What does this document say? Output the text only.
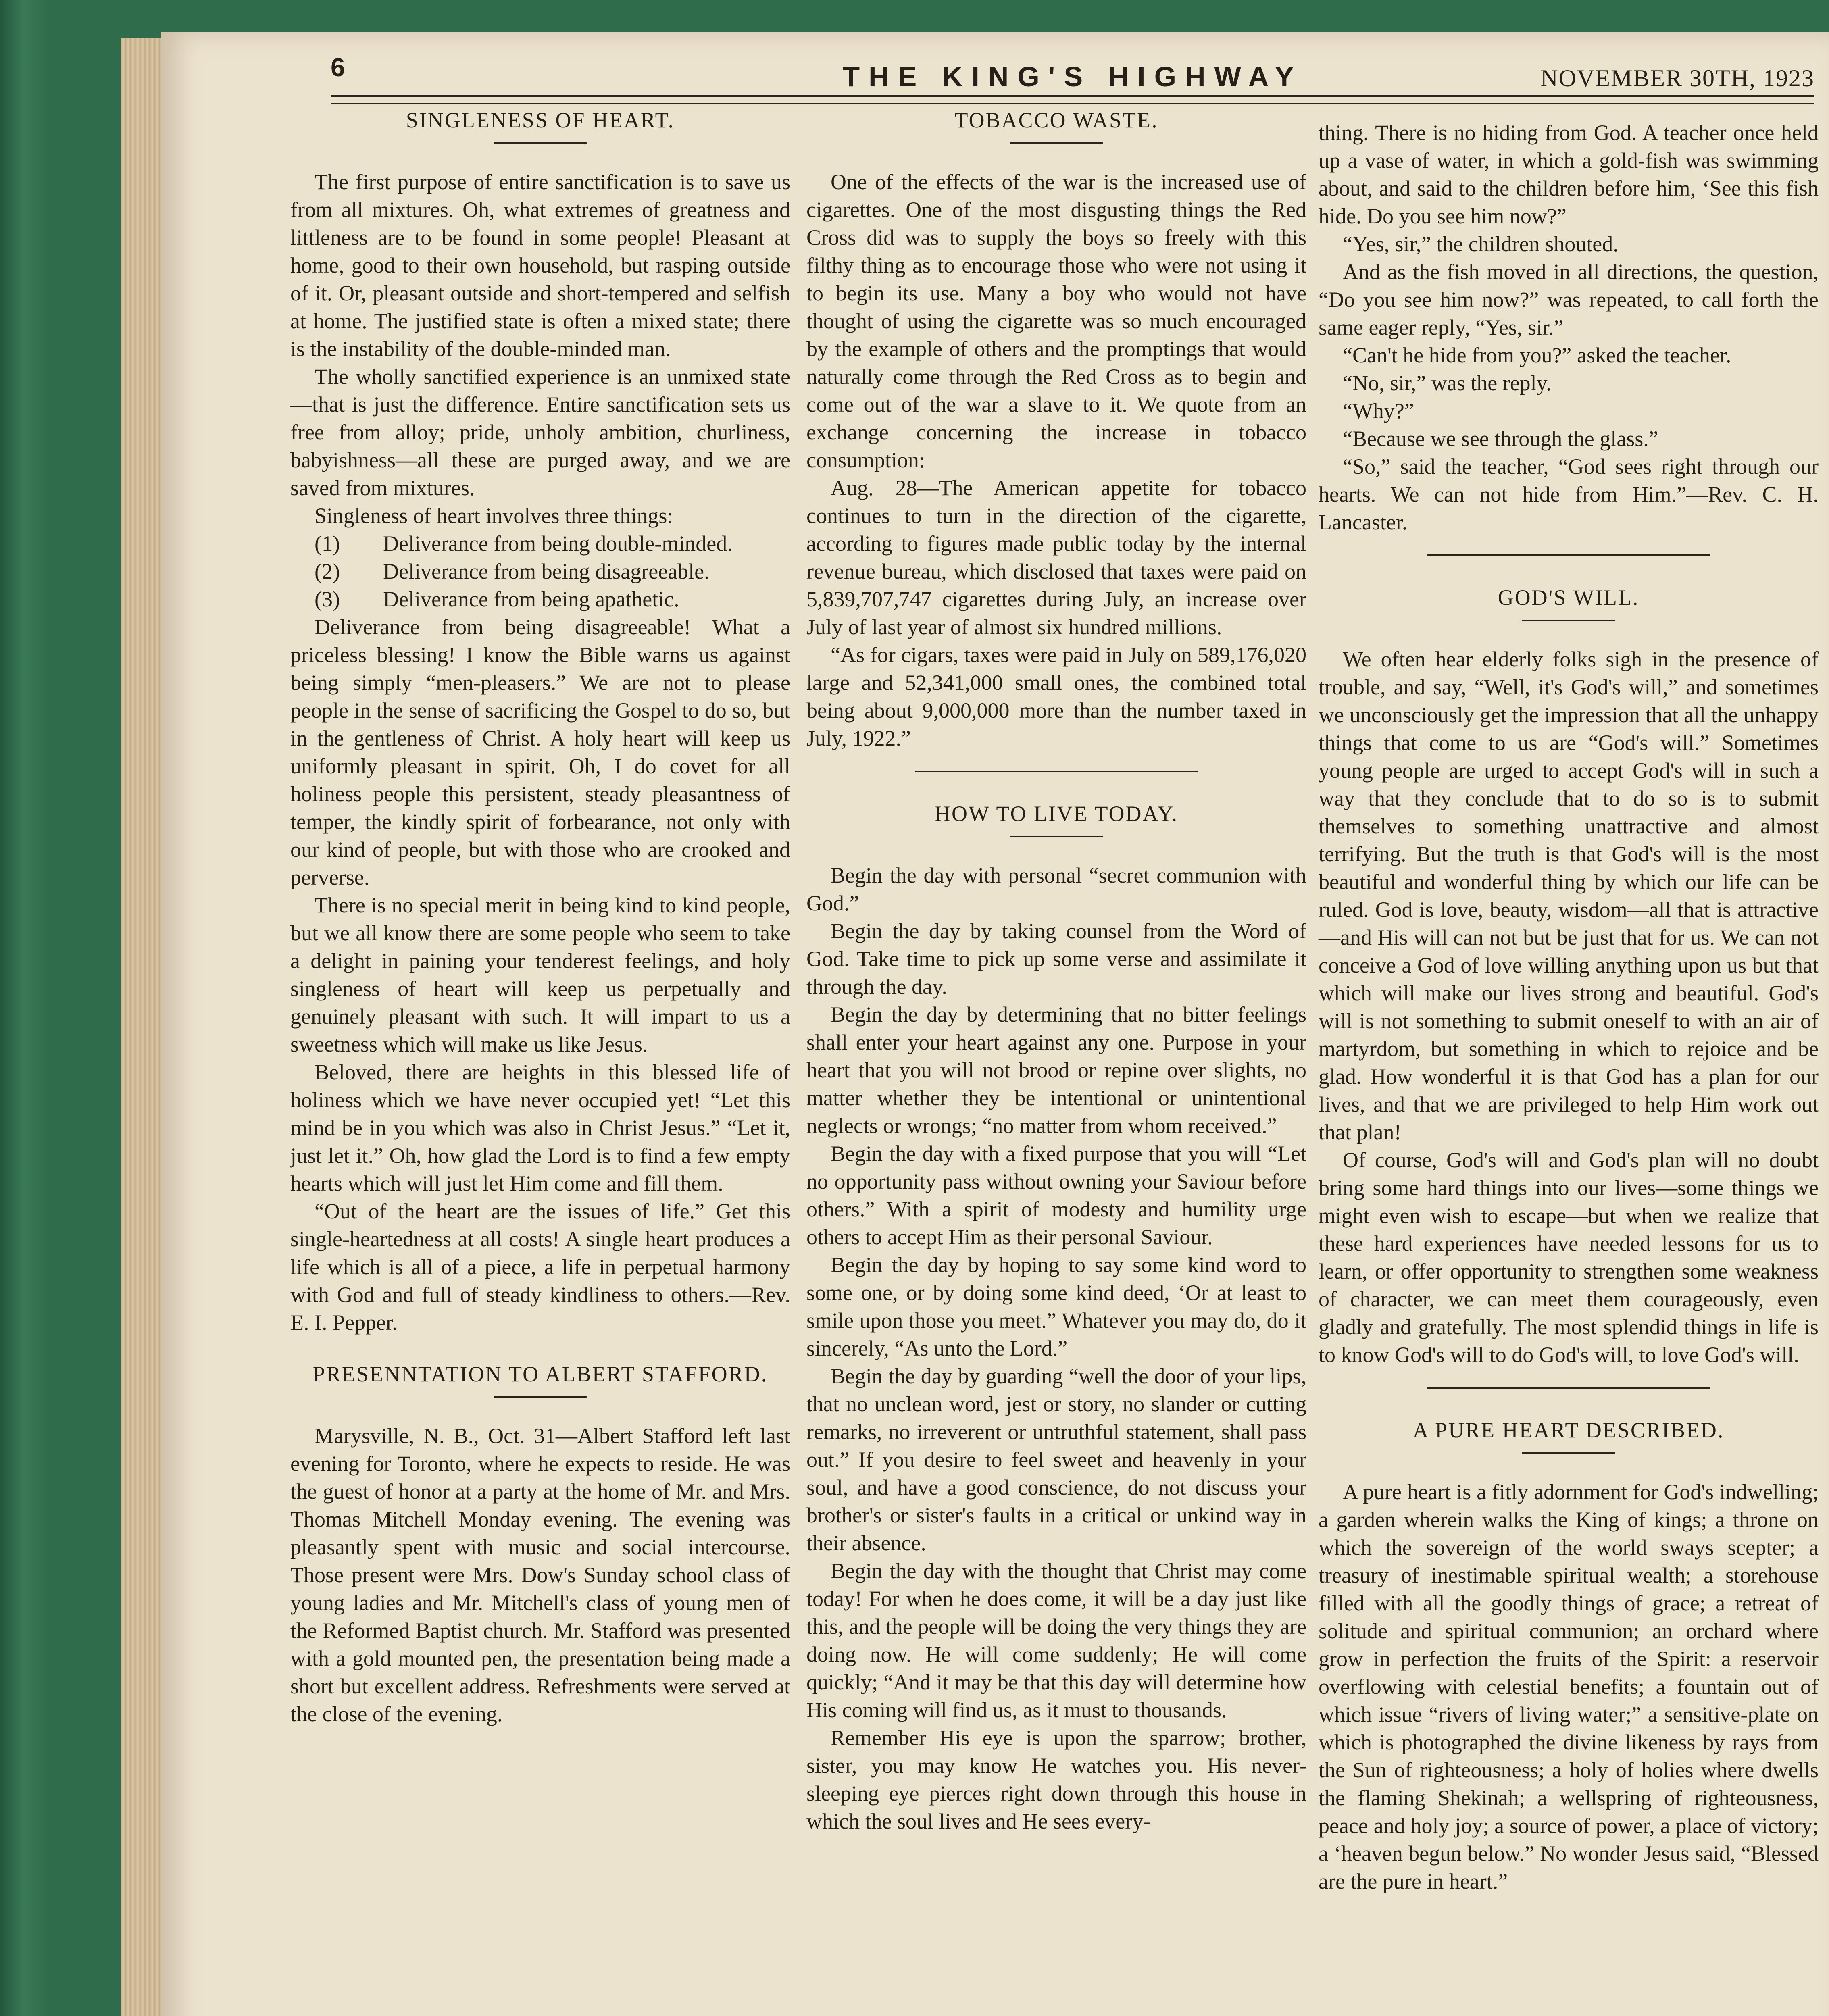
6	THE KING'S HIGHWAY	NOVEMBER 30TH, 1923
SINGLENESS OF HEART.

The first purpose of entire sanctification is to save us from all mixtures. Oh, what extremes of greatness and littleness are to be found in some people! Pleasant at home, good to their own household, but rasping outside of it. Or, pleasant outside and short-tempered and selfish at home. The justified state is often a mixed state; there is the instability of the double-minded man.

The wholly sanctified experience is an unmixed state—that is just the difference. Entire sanctification sets us free from alloy; pride, unholy ambition, churliness, babyishness—all these are purged away, and we are saved from mixtures.

Singleness of heart involves three things:

(1)	Deliverance from being double-minded.
(2)	Deliverance from being disagreeable.
(3)	Deliverance from being apathetic.

Deliverance from being disagreeable! What a priceless blessing! I know the Bible warns us against being simply “men-pleasers.” We are not to please people in the sense of sacrificing the Gospel to do so, but in the gentleness of Christ. A holy heart will keep us uniformly pleasant in spirit. Oh, I do covet for all holiness people this persistent, steady pleasantness of temper, the kindly spirit of forbearance, not only with our kind of people, but with those who are crooked and perverse.

There is no special merit in being kind to kind people, but we all know there are some people who seem to take a delight in paining your tenderest feelings, and holy singleness of heart will keep us perpetually and genuinely pleasant with such. It will impart to us a sweetness which will make us like Jesus.

Beloved, there are heights in this blessed life of holiness which we have never occupied yet! “Let this mind be in you which was also in Christ Jesus.” “Let it, just let it.” Oh, how glad the Lord is to find a few empty hearts which will just let Him come and fill them.

“Out of the heart are the issues of life.” Get this single-heartedness at all costs! A single heart produces a life which is all of a piece, a life in perpetual harmony with God and full of steady kindliness to others.—Rev. E. I. Pepper.

PRESENNTATION TO ALBERT STAFFORD.

Marysville, N. B., Oct. 31—Albert Stafford left last evening for Toronto, where he expects to reside. He was the guest of honor at a party at the home of Mr. and Mrs. Thomas Mitchell Monday evening. The evening was pleasantly spent with music and social intercourse. Those present were Mrs. Dow's Sunday school class of young ladies and Mr. Mitchell's class of young men of the Reformed Baptist church. Mr. Stafford was presented with a gold mounted pen, the presentation being made a short but excellent address. Refreshments were served at the close of the evening.

TOBACCO WASTE.

One of the effects of the war is the increased use of cigarettes. One of the most disgusting things the Red Cross did was to supply the boys so freely with this filthy thing as to encourage those who were not using it to begin its use. Many a boy who would not have thought of using the cigarette was so much encouraged by the example of others and the promptings that would naturally come through the Red Cross as to begin and come out of the war a slave to it. We quote from an exchange concerning the increase in tobacco consumption:

Aug. 28—The American appetite for tobacco continues to turn in the direction of the cigarette, according to figures made public today by the internal revenue bureau, which disclosed that taxes were paid on 5,839,707,747 cigarettes during July, an increase over July of last year of almost six hundred millions.

“As for cigars, taxes were paid in July on 589,176,020 large and 52,341,000 small ones, the combined total being about 9,000,000 more than the number taxed in July, 1922.”

HOW TO LIVE TODAY.

Begin the day with personal “secret communion with God.”

Begin the day by taking counsel from the Word of God. Take time to pick up some verse and assimilate it through the day.

Begin the day by determining that no bitter feelings shall enter your heart against any one. Purpose in your heart that you will not brood or repine over slights, no matter whether they be intentional or unintentional neglects or wrongs; “no matter from whom received.”

Begin the day with a fixed purpose that you will “Let no opportunity pass without owning your Saviour before others.” With a spirit of modesty and humility urge others to accept Him as their personal Saviour.

Begin the day by hoping to say some kind word to some one, or by doing some kind deed, ‘Or at least to smile upon those you meet.” Whatever you may do, do it sincerely, “As unto the Lord.”

Begin the day by guarding “well the door of your lips, that no unclean word, jest or story, no slander or cutting remarks, no irreverent or untruthful statement, shall pass out.” If you desire to feel sweet and heavenly in your soul, and have a good conscience, do not discuss your brother's or sister's faults in a critical or unkind way in their absence.

Begin the day with the thought that Christ may come today! For when he does come, it will be a day just like this, and the people will be doing the very things they are doing now. He will come suddenly; He will come quickly; “And it may be that this day will determine how His coming will find us, as it must to thousands.

Remember His eye is upon the sparrow; brother, sister, you may know He watches you. His never-sleeping eye pierces right down through this house in which the soul lives and He sees every-

thing. There is no hiding from God. A teacher once held up a vase of water, in which a gold-fish was swimming about, and said to the children before him, ‘See this fish hide. Do you see him now?”

“Yes, sir,” the children shouted.

And as the fish moved in all directions, the question, “Do you see him now?” was repeated, to call forth the same eager reply, “Yes, sir.”

“Can't he hide from you?” asked the teacher.

“No, sir,” was the reply.

“Why?”

“Because we see through the glass.”

“So,” said the teacher, “God sees right through our hearts. We can not hide from Him.”—Rev. C. H. Lancaster.

GOD'S WILL.

We often hear elderly folks sigh in the presence of trouble, and say, “Well, it's God's will,” and sometimes we unconsciously get the impression that all the unhappy things that come to us are “God's will.” Sometimes young people are urged to accept God's will in such a way that they conclude that to do so is to submit themselves to something unattractive and almost terrifying. But the truth is that God's will is the most beautiful and wonderful thing by which our life can be ruled. God is love, beauty, wisdom—all that is attractive—and His will can not but be just that for us. We can not conceive a God of love willing anything upon us but that which will make our lives strong and beautiful. God's will is not something to submit oneself to with an air of martyrdom, but something in which to rejoice and be glad. How wonderful it is that God has a plan for our lives, and that we are privileged to help Him work out that plan!

Of course, God's will and God's plan will no doubt bring some hard things into our lives—some things we might even wish to escape—but when we realize that these hard experiences have needed lessons for us to learn, or offer opportunity to strengthen some weakness of character, we can meet them courageously, even gladly and gratefully. The most splendid things in life is to know God's will to do God's will, to love God's will.

A PURE HEART DESCRIBED.

A pure heart is a fitly adornment for God's indwelling; a garden wherein walks the King of kings; a throne on which the sovereign of the world sways scepter; a treasury of inestimable spiritual wealth; a storehouse filled with all the goodly things of grace; a retreat of solitude and spiritual communion; an orchard where grow in perfection the fruits of the Spirit: a reservoir overflowing with celestial benefits; a fountain out of which issue “rivers of living water;” a sensitive-plate on which is photographed the divine likeness by rays from the Sun of righteousness; a holy of holies where dwells the flaming Shekinah; a wellspring of righteousness, peace and holy joy; a source of power, a place of victory; a ‘heaven begun below.” No wonder Jesus said, “Blessed are the pure in heart.”
